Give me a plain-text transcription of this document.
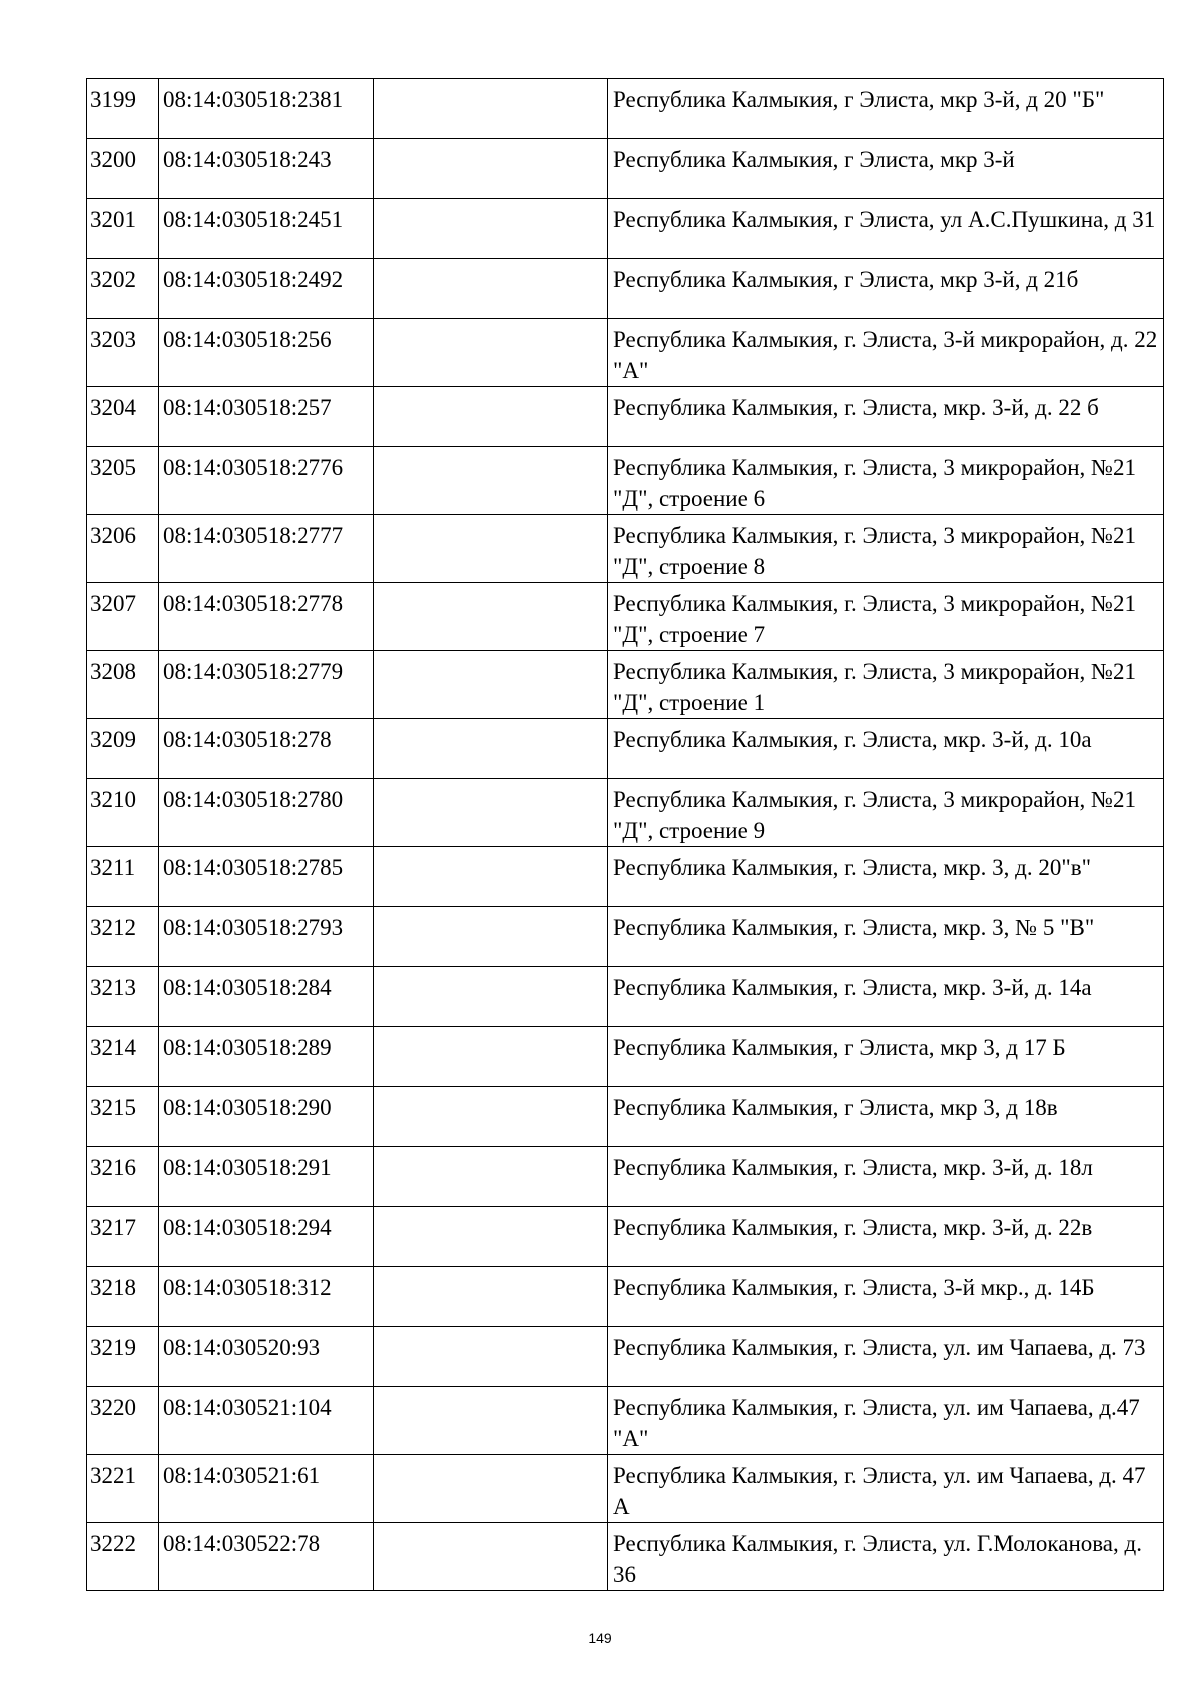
3199	08:14:030518:2381		Республика Калмыкия, г Элиста, мкр 3-й, д 20 "Б"
3200	08:14:030518:243		Республика Калмыкия, г Элиста, мкр 3-й
3201	08:14:030518:2451		Республика Калмыкия, г Элиста, ул А.С.Пушкина, д 31
3202	08:14:030518:2492		Республика Калмыкия, г Элиста, мкр 3-й, д 21б
3203	08:14:030518:256		Республика Калмыкия, г. Элиста, 3-й микрорайон, д. 22 "А"
3204	08:14:030518:257		Республика Калмыкия, г. Элиста, мкр. 3-й, д. 22 б
3205	08:14:030518:2776		Республика Калмыкия, г. Элиста, 3 микрорайон, №21 "Д", строение 6
3206	08:14:030518:2777		Республика Калмыкия, г. Элиста, 3 микрорайон, №21 "Д", строение 8
3207	08:14:030518:2778		Республика Калмыкия, г. Элиста, 3 микрорайон, №21 "Д", строение 7
3208	08:14:030518:2779		Республика Калмыкия, г. Элиста, 3 микрорайон, №21 "Д", строение 1
3209	08:14:030518:278		Республика Калмыкия, г. Элиста, мкр. 3-й, д. 10а
3210	08:14:030518:2780		Республика Калмыкия, г. Элиста, 3 микрорайон, №21 "Д", строение 9
3211	08:14:030518:2785		Республика Калмыкия, г. Элиста, мкр. 3, д. 20"в"
3212	08:14:030518:2793		Республика Калмыкия, г. Элиста, мкр. 3, № 5 "В"
3213	08:14:030518:284		Республика Калмыкия, г. Элиста, мкр. 3-й, д. 14а
3214	08:14:030518:289		Республика Калмыкия, г Элиста, мкр 3, д 17 Б
3215	08:14:030518:290		Республика Калмыкия, г Элиста, мкр 3, д 18в
3216	08:14:030518:291		Республика Калмыкия, г. Элиста, мкр. 3-й, д. 18л
3217	08:14:030518:294		Республика Калмыкия, г. Элиста, мкр. 3-й, д. 22в
3218	08:14:030518:312		Республика Калмыкия, г. Элиста, 3-й мкр., д. 14Б
3219	08:14:030520:93		Республика Калмыкия, г. Элиста, ул. им Чапаева, д. 73
3220	08:14:030521:104		Республика Калмыкия, г. Элиста, ул. им Чапаева, д.47 "А"
3221	08:14:030521:61		Республика Калмыкия, г. Элиста, ул. им Чапаева, д. 47 А
3222	08:14:030522:78		Республика Калмыкия, г. Элиста, ул. Г.Молоканова, д. 36
149
